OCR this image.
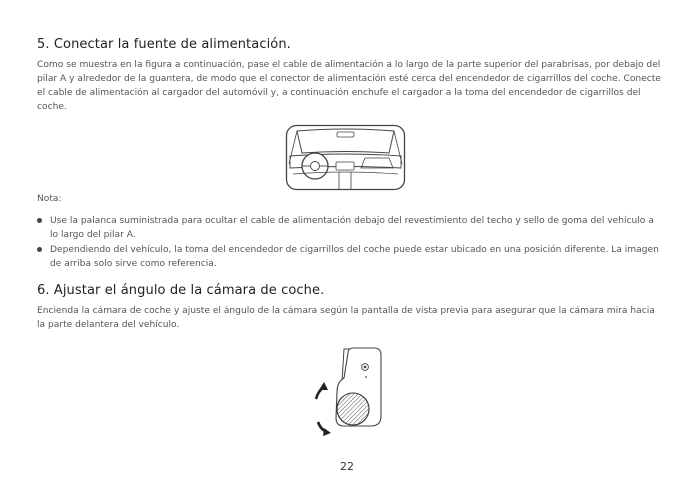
5. Conectar la fuente de alimentación.

Como se muestra en la figura a continuación, pase el cable de alimentación a lo largo de la parte superior del parabrisas, por debajo del pilar A y alrededor de la guantera, de modo que el conector de alimentación esté cerca del encendedor de cigarrillos del coche. Conecte el cable de alimentación al cargador del automóvil y, a continuación enchufe el cargador a la toma del encendedor de cigarrillos del coche.

Nota:

Use la palanca suministrada para ocultar el cable de alimentación debajo del revestimiento del techo y sello de goma del vehículo a lo largo del pilar A.
Dependiendo del vehículo, la toma del encendedor de cigarrillos del coche puede estar ubicado en una posición diferente. La imagen de arriba solo sirve como referencia.
6. Ajustar el ángulo de la cámara de coche.

Encienda la cámara de coche y ajuste el ángulo de la cámara según la pantalla de vista previa para asegurar que la cámara mira hacia la parte delantera del vehículo.

22
